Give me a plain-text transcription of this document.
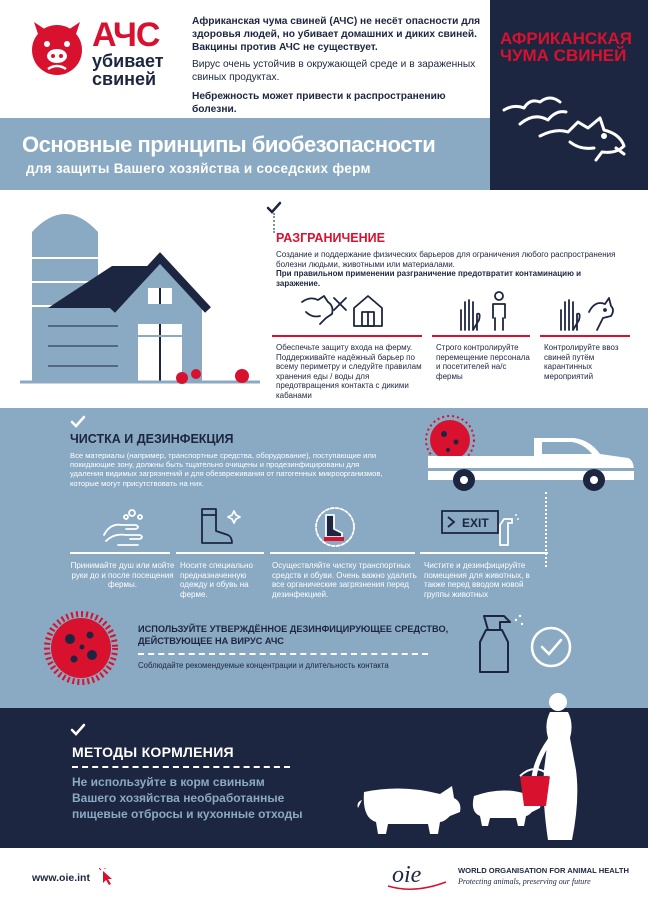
АЧС
убивает
свиней
Африканская чума свиней (АЧС) не несёт опасности для здоровья людей, но убивает домашних и диких свиней. Вакцины против АЧС не существует.
Вирус очень устойчив в окружающей среде и в зараженных свиных продуктах.
Небрежность может привести к распространению болезни.
АФРИКАНСКАЯ ЧУМА СВИНЕЙ
Основные принципы биобезопасности
для защиты Вашего хозяйства и соседских ферм
РАЗГРАНИЧЕНИЕ
Создание и поддержание физических барьеров для ограничения любого распространения болезни людьми, животными или материалами.
При правильном применении разграничение предотвратит контаминацию и заражение.
Обеспечьте защиту входа на ферму. Поддерживайте надёжный барьер по всему периметру и следуйте правилам хранения еды / воды для предотвращения контакта с дикими кабанами
Строго контролируйте перемещение персонала и посетителей на/с фермы
Контролируйте ввоз свиней путём карантинных мероприятий
ЧИСТКА И ДЕЗИНФЕКЦИЯ
Все материалы (например, транспортные средства, оборудование), поступающие или покидающие зону, должны быть тщательно очищены и продезинфицированы для удаления видимых загрязнений и для обезвреживания от патогенных микроорганизмов, которые могут присутствовать на них.
EXIT
Принимайте душ или мойте руки до и после посещения фермы.
Носите специально предназначенную одежду и обувь на ферме.
Осуществляйте чистку транспортных средств и обуви. Очень важно удалить все органические загрязнения перед дезинфекцией.
Чистите и дезинфицируйте помещения для животных, в также перед вводом новой группы животных
ИСПОЛЬЗУЙТЕ УТВЕРЖДЁННОЕ ДЕЗИНФИЦИРУЮЩЕЕ СРЕДСТВО,
ДЕЙСТВУЮЩЕЕ НА ВИРУС АЧС
Соблюдайте рекомендуемые концентрации и длительность контакта
МЕТОДЫ КОРМЛЕНИЯ
Не используйте в корм свиньям
Вашего хозяйства необработанные
пищевые отбросы и кухонные отходы
www.oie.int	oie	WORLD ORGANISATION FOR ANIMAL HEALTH
Protecting animals, preserving our future
